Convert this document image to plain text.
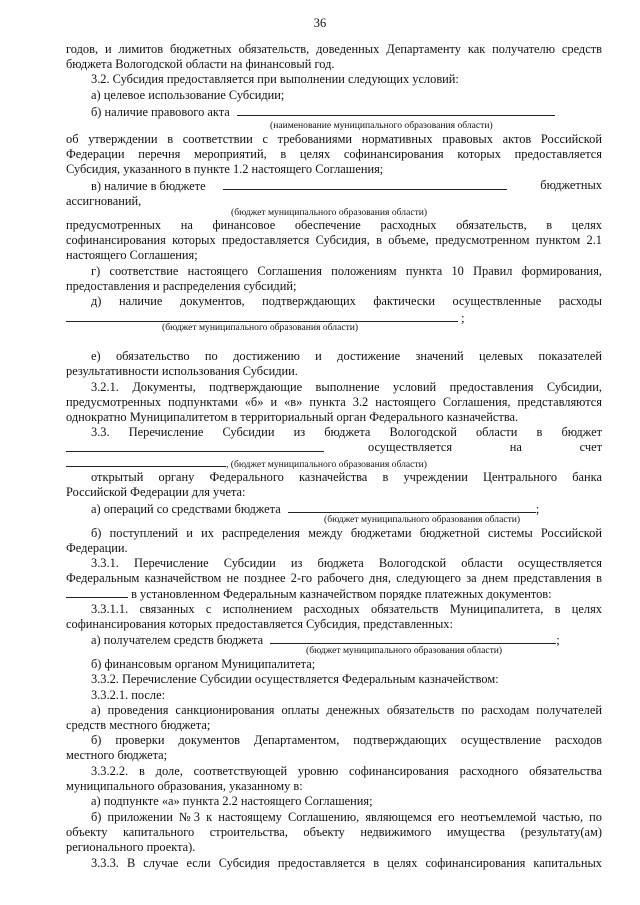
36
годов, и лимитов бюджетных обязательств, доведенных Департаменту как получателю средств
бюджета Вологодской области на финансовый год.
3.2. Субсидия предоставляется при выполнении следующих условий:
а) целевое использование Субсидии;
б) наличие правового акта
(наименование муниципального образования области)
об утверждении в соответствии с требованиями нормативных правовых актов Российской
Федерации перечня мероприятий, в целях софинансирования которых предоставляется
Субсидия, указанного в пункте 1.2 настоящего Соглашения;
в) наличие в бюджете	бюджетных
ассигнований,
(бюджет муниципального образования области)
предусмотренных на финансовое обеспечение расходных обязательств, в целях
софинансирования которых предоставляется Субсидия, в объеме, предусмотренном пунктом 2.1
настоящего Соглашения;
г) соответствие настоящего Соглашения положениям пункта 10 Правил формирования,
предоставления и распределения субсидий;
д) наличие документов, подтверждающих фактически осуществленные расходы
;
(бюджет муниципального образования области)
е) обязательство по достижению и достижение значений целевых показателей
результативности использования Субсидии.
3.2.1. Документы, подтверждающие выполнение условий предоставления Субсидии,
предусмотренных подпунктами «б» и «в» пункта 3.2 настоящего Соглашения, представляются
однократно Муниципалитетом в территориальный орган Федерального казначейства.
3.3. Перечисление Субсидии из бюджета Вологодской области в бюджет
осуществляется на счет
, (бюджет муниципального образования области)
открытый органу Федерального казначейства в учреждении Центрального банка
Российской Федерации для учета:
а) операций со средствами бюджета	;
(бюджет муниципального образования области)
б) поступлений и их распределения между бюджетами бюджетной системы Российской
Федерации.
3.3.1. Перечисление Субсидии из бюджета Вологодской области осуществляется
Федеральным казначейством не позднее 2-го рабочего дня, следующего за днем представления в
в установленном Федеральным казначейством порядке платежных документов:
3.3.1.1. связанных с исполнением расходных обязательств Муниципалитета, в целях
софинансирования которых предоставляется Субсидия, представленных:
а) получателем средств бюджета	;
(бюджет муниципального образования области)
б) финансовым органом Муниципалитета;
3.3.2. Перечисление Субсидии осуществляется Федеральным казначейством:
3.3.2.1. после:
а) проведения санкционирования оплаты денежных обязательств по расходам получателей
средств местного бюджета;
б) проверки документов Департаментом, подтверждающих осуществление расходов
местного бюджета;
3.3.2.2. в доле, соответствующей уровню софинансирования расходного обязательства
муниципального образования, указанному в:
а) подпункте «а» пункта 2.2 настоящего Соглашения;
б) приложении №3 к настоящему Соглашению, являющемся его неотъемлемой частью, по
объекту капитального строительства, объекту недвижимого имущества (результату(ам)
регионального проекта).
3.3.3. В случае если Субсидия предоставляется в целях софинансирования капитальных
